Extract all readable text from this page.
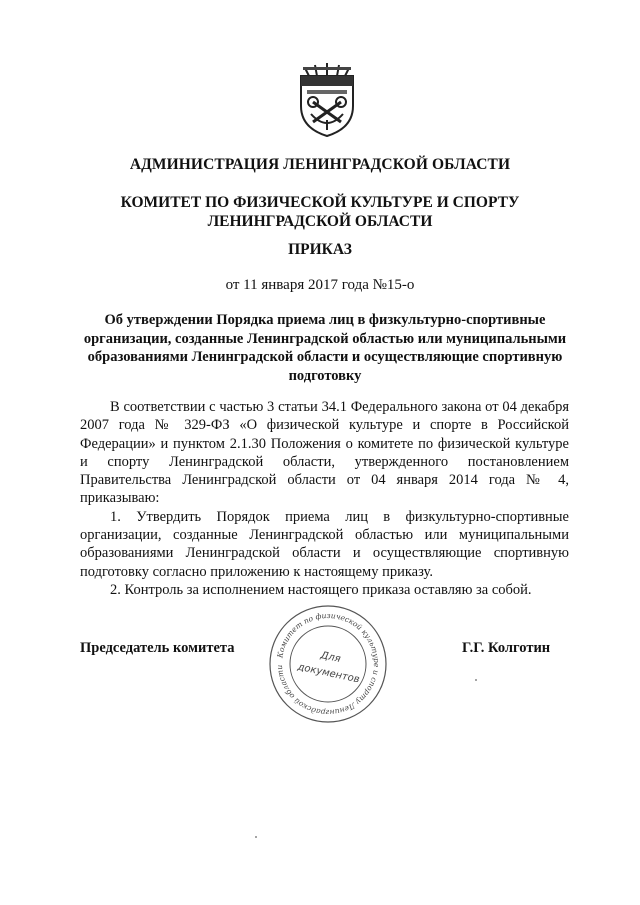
АДМИНИСТРАЦИЯ ЛЕНИНГРАДСКОЙ ОБЛАСТИ
КОМИТЕТ ПО ФИЗИЧЕСКОЙ КУЛЬТУРЕ И СПОРТУ
ЛЕНИНГРАДСКОЙ ОБЛАСТИ
ПРИКАЗ
от 11 января 2017 года №15-о
Об утверждении Порядка приема лиц в физкультурно-спортивные
организации, созданные Ленинградской областью или муниципальными
образованиями Ленинградской области и осуществляющие спортивную
подготовку
В соответствии с частью 3 статьи 34.1 Федерального закона от 04 декабря 2007 года № 329-ФЗ «О физической культуре и спорте в Российской Федерации» и пунктом 2.1.30 Положения о комитете по физической культуре и спорту Ленинградской области, утвержденного постановлением Правительства Ленинградской области от 04 января 2014 года № 4, приказываю:
1. Утвердить Порядок приема лиц в физкультурно-спортивные организации, созданные Ленинградской областью или муниципальными образованиями Ленинградской области и осуществляющие спортивную подготовку согласно приложению к настоящему приказу.
2. Контроль за исполнением настоящего приказа оставляю за собой.
Председатель комитета	Г.Г. Колготин
Комитет по физической культуре и спорту Ленинградской области
Для
документов
